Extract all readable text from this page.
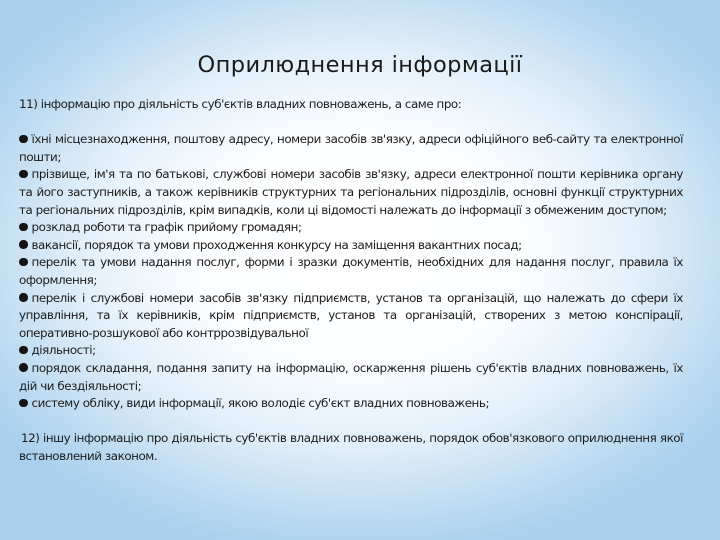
Оприлюднення інформації

11) інформацію про діяльність суб'єктів владних повноважень, а саме про:

їхні місцезнаходження, поштову адресу, номери засобів зв'язку, адреси офіційного веб-сайту та електронної пошти;

прізвище, ім'я та по батькові, службові номери засобів зв'язку, адреси електронної пошти керівника органу та його заступників, а також керівників структурних та регіональних підрозділів, основні функції структурних та регіональних підрозділів, крім випадків, коли ці відомості належать до інформації з обмеженим доступом;

розклад роботи та графік прийому громадян;

вакансії, порядок та умови проходження конкурсу на заміщення вакантних посад;

перелік та умови надання послуг, форми і зразки документів, необхідних для надання послуг, правила їх оформлення;

перелік і службові номери засобів зв'язку підприємств, установ та організацій, що належать до сфери їх управління, та їх керівників, крім підприємств, установ та організацій, створених з метою конспірації, оперативно-розшукової або контррозвідувальної

діяльності;

порядок складання, подання запиту на інформацію, оскарження рішень суб'єктів владних повноважень, їх дій чи бездіяльності;

систему обліку, види інформації, якою володіє суб'єкт владних повноважень;

12) іншу інформацію про діяльність суб'єктів владних повноважень, порядок обов'язкового оприлюднення якої встановлений законом.
